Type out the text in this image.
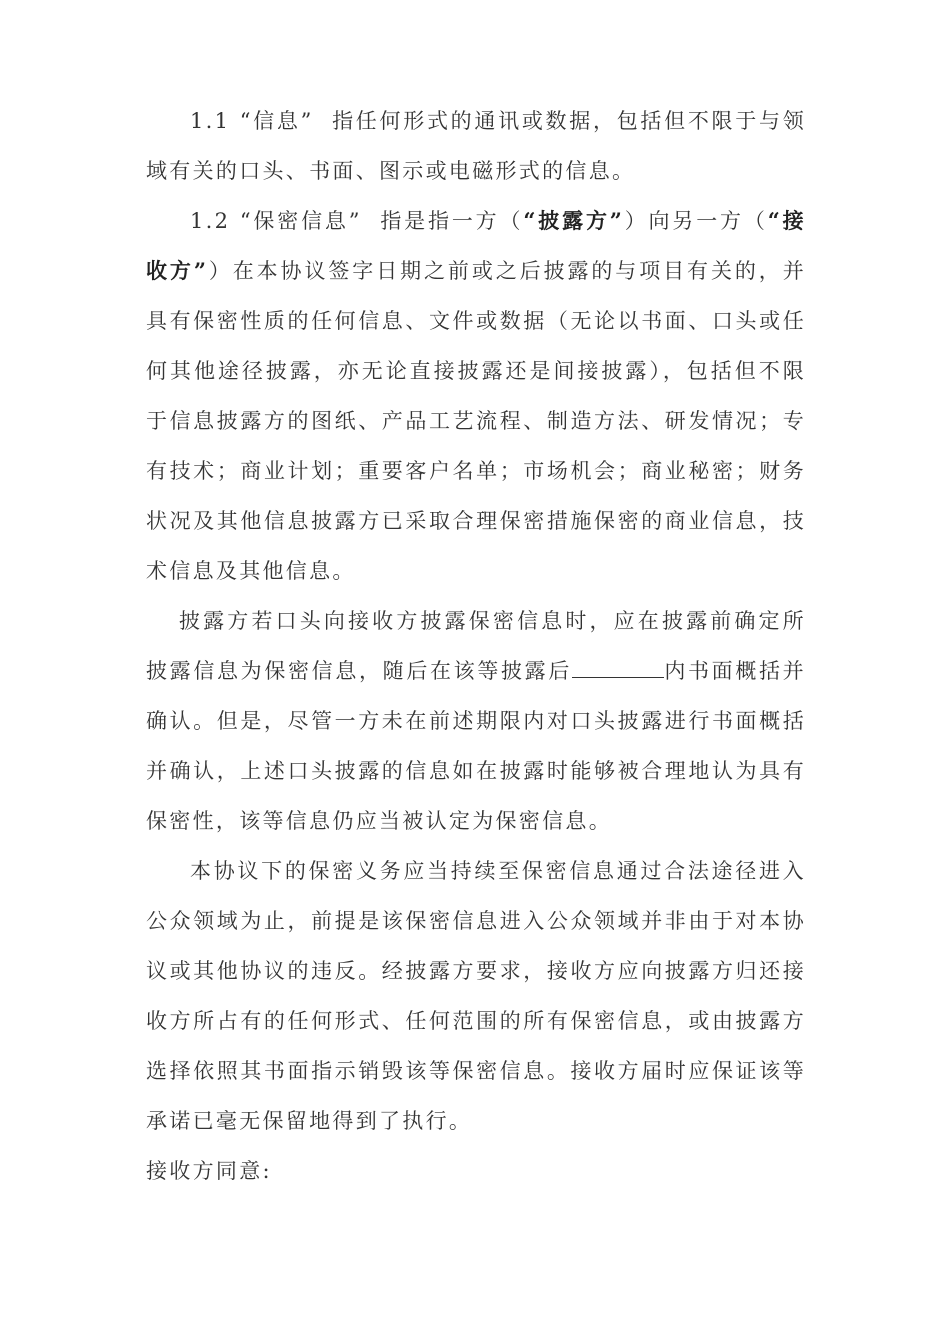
1.1 “信息” 指任何形式的通讯或数据，包括但不限于与领域有关的口头、书面、图示或电磁形式的信息。

1.2 “保密信息” 指是指一方（“披露方”）向另一方（“接收方”）在本协议签字日期之前或之后披露的与项目有关的，并具有保密性质的任何信息、文件或数据（无论以书面、口头或任何其他途径披露，亦无论直接披露还是间接披露），包括但不限于信息披露方的图纸、产品工艺流程、制造方法、研发情况；专有技术；商业计划；重要客户名单；市场机会；商业秘密；财务状况及其他信息披露方已采取合理保密措施保密的商业信息，技术信息及其他信息。

披露方若口头向接收方披露保密信息时，应在披露前确定所披露信息为保密信息，随后在该等披露后	内书面概括并确认。但是，尽管一方未在前述期限内对口头披露进行书面概括并确认，上述口头披露的信息如在披露时能够被合理地认为具有保密性，该等信息仍应当被认定为保密信息。

本协议下的保密义务应当持续至保密信息通过合法途径进入公众领域为止，前提是该保密信息进入公众领域并非由于对本协议或其他协议的违反。经披露方要求，接收方应向披露方归还接收方所占有的任何形式、任何范围的所有保密信息，或由披露方选择依照其书面指示销毁该等保密信息。接收方届时应保证该等承诺已毫无保留地得到了执行。

接收方同意:
